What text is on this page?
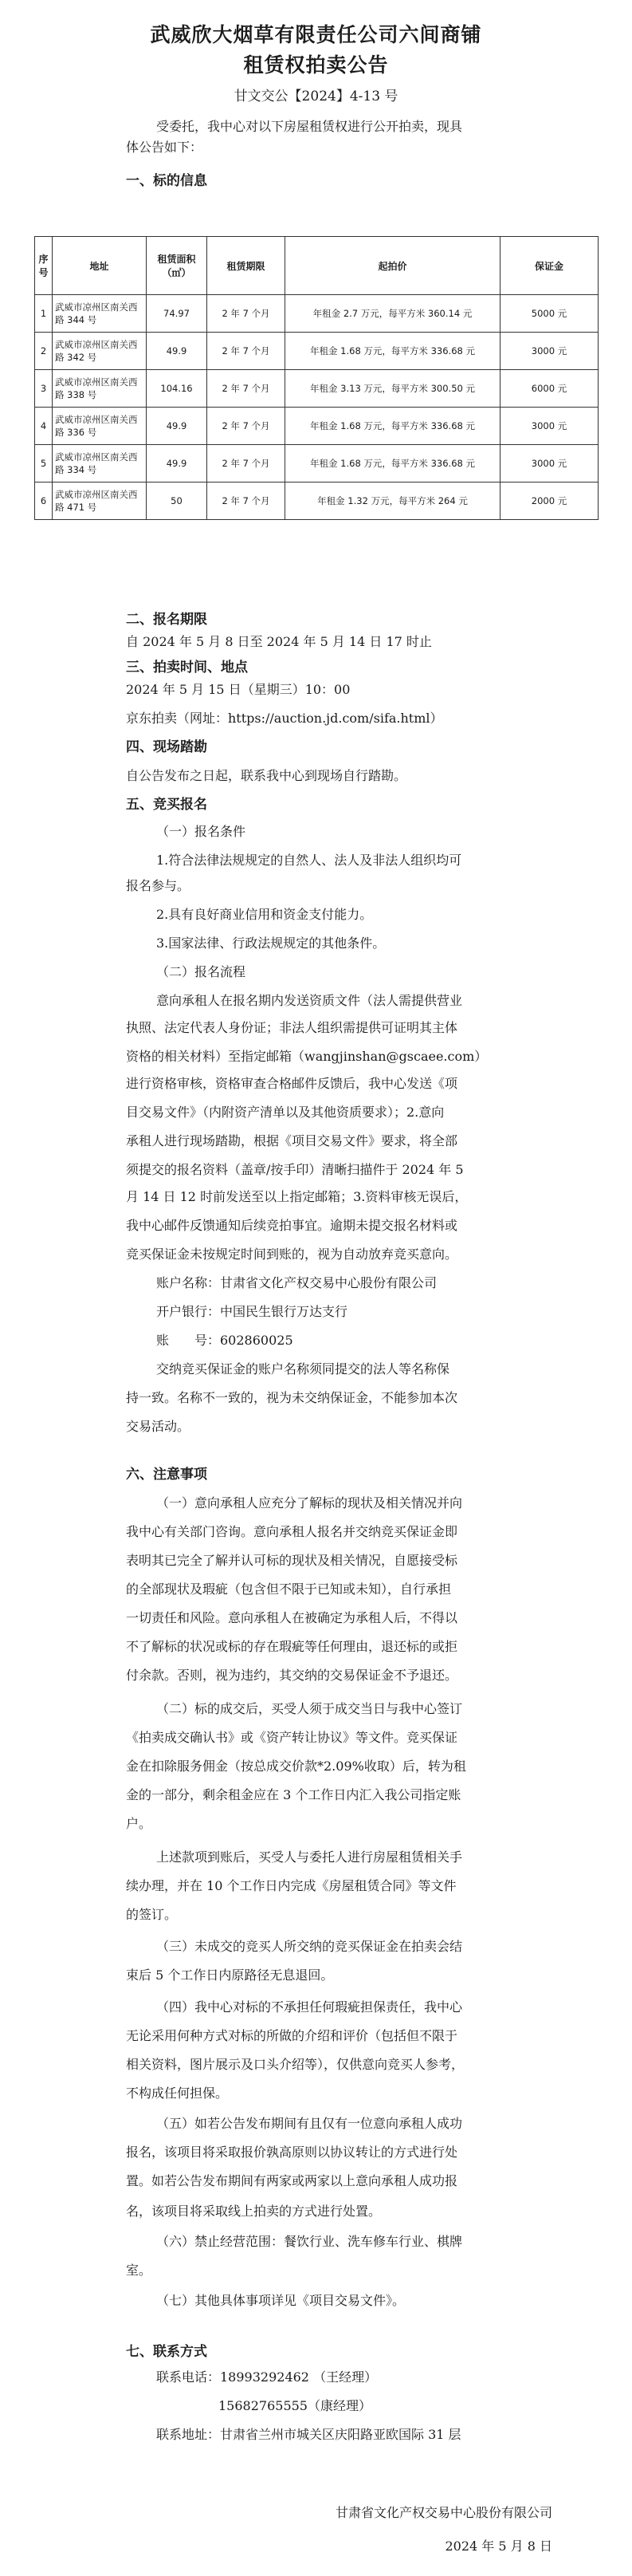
武威欣大烟草有限责任公司六间商铺
租赁权拍卖公告
甘文交公【2024】4-13 号
受委托，我中心对以下房屋租赁权进行公开拍卖，现具
体公告如下：
一、标的信息
序号	地址	租赁面积（㎡）	租赁期限	起拍价	保证金
1	武威市凉州区南关西路 344 号	74.97	2 年 7 个月	年租金 2.7 万元，每平方米 360.14 元	5000 元
2	武威市凉州区南关西路 342 号	49.9	2 年 7 个月	年租金 1.68 万元，每平方米 336.68 元	3000 元
3	武威市凉州区南关西路 338 号	104.16	2 年 7 个月	年租金 3.13 万元，每平方米 300.50 元	6000 元
4	武威市凉州区南关西路 336 号	49.9	2 年 7 个月	年租金 1.68 万元，每平方米 336.68 元	3000 元
5	武威市凉州区南关西路 334 号	49.9	2 年 7 个月	年租金 1.68 万元，每平方米 336.68 元	3000 元
6	武威市凉州区南关西路 471 号	50	2 年 7 个月	年租金 1.32 万元，每平方米 264 元	2000 元
二、报名期限
自 2024 年 5 月 8 日至 2024 年 5 月 14 日 17 时止
三、拍卖时间、地点
2024 年 5 月 15 日（星期三）10：00
京东拍卖（网址：https://auction.jd.com/sifa.html）
四、现场踏勘
自公告发布之日起，联系我中心到现场自行踏勘。
五、竞买报名
（一）报名条件
1.符合法律法规规定的自然人、法人及非法人组织均可
报名参与。
2.具有良好商业信用和资金支付能力。
3.国家法律、行政法规规定的其他条件。
（二）报名流程
意向承租人在报名期内发送资质文件（法人需提供营业
执照、法定代表人身份证；非法人组织需提供可证明其主体
资格的相关材料）至指定邮箱（wangjinshan@gscaee.com）
进行资格审核，资格审查合格邮件反馈后，我中心发送《项
目交易文件》（内附资产清单以及其他资质要求）；2.意向
承租人进行现场踏勘，根据《项目交易文件》要求，将全部
须提交的报名资料（盖章/按手印）清晰扫描件于 2024 年 5
月 14 日 12 时前发送至以上指定邮箱；3.资料审核无误后，
我中心邮件反馈通知后续竞拍事宜。逾期未提交报名材料或
竞买保证金未按规定时间到账的，视为自动放弃竞买意向。
账户名称：甘肃省文化产权交易中心股份有限公司
开户银行：中国民生银行万达支行
账　　号：602860025
交纳竞买保证金的账户名称须同提交的法人等名称保
持一致。名称不一致的，视为未交纳保证金，不能参加本次
交易活动。
六、注意事项
（一）意向承租人应充分了解标的现状及相关情况并向
我中心有关部门咨询。意向承租人报名并交纳竞买保证金即
表明其已完全了解并认可标的现状及相关情况，自愿接受标
的全部现状及瑕疵（包含但不限于已知或未知），自行承担
一切责任和风险。意向承租人在被确定为承租人后，不得以
不了解标的状况或标的存在瑕疵等任何理由，退还标的或拒
付余款。否则，视为违约，其交纳的交易保证金不予退还。
（二）标的成交后，买受人须于成交当日与我中心签订
《拍卖成交确认书》或《资产转让协议》等文件。竞买保证
金在扣除服务佣金（按总成交价款*2.09%收取）后，转为租
金的一部分，剩余租金应在 3 个工作日内汇入我公司指定账
户。
上述款项到账后，买受人与委托人进行房屋租赁相关手
续办理，并在 10 个工作日内完成《房屋租赁合同》等文件
的签订。
（三）未成交的竞买人所交纳的竞买保证金在拍卖会结
束后 5 个工作日内原路径无息退回。
（四）我中心对标的不承担任何瑕疵担保责任，我中心
无论采用何种方式对标的所做的介绍和评价（包括但不限于
相关资料，图片展示及口头介绍等），仅供意向竞买人参考，
不构成任何担保。
（五）如若公告发布期间有且仅有一位意向承租人成功
报名，该项目将采取报价孰高原则以协议转让的方式进行处
置。如若公告发布期间有两家或两家以上意向承租人成功报
名，该项目将采取线上拍卖的方式进行处置。
（六）禁止经营范围：餐饮行业、洗车修车行业、棋牌
室。
（七）其他具体事项详见《项目交易文件》。
七、联系方式
联系电话：18993292462 （王经理）
15682765555（康经理）
联系地址：甘肃省兰州市城关区庆阳路亚欧国际 31 层
甘肃省文化产权交易中心股份有限公司
2024 年 5 月 8 日
